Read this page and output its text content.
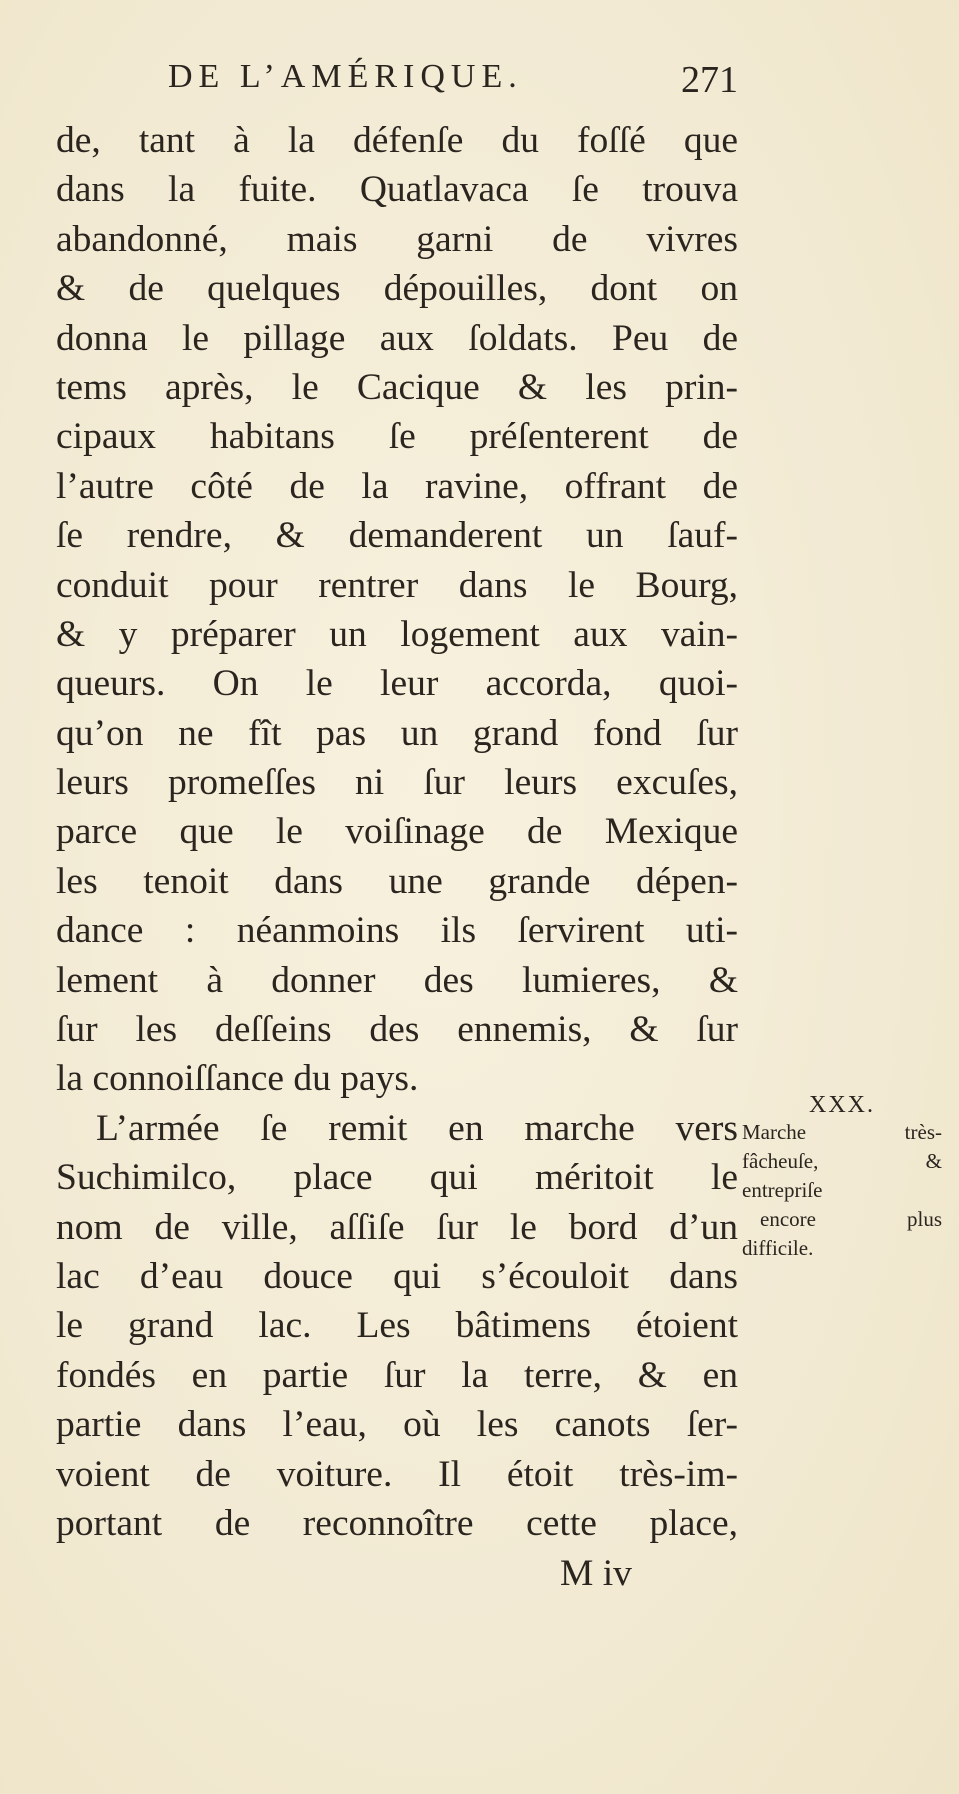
DE L’AMÉRIQUE.	271
de, tant à la défenſe du foſſé que
dans la fuite. Quatlavaca ſe trouva
abandonné, mais garni de vivres
& de quelques dépouilles, dont on
donna le pillage aux ſoldats. Peu de
tems après, le Cacique & les prin-
cipaux habitans ſe préſenterent de
l’autre côté de la ravine, offrant de
ſe rendre, & demanderent un ſauf-
conduit pour rentrer dans le Bourg,
& y préparer un logement aux vain-
queurs. On le leur accorda, quoi-
qu’on ne fît pas un grand fond ſur
leurs promeſſes ni ſur leurs excuſes,
parce que le voiſinage de Mexique
les tenoit dans une grande dépen-
dance : néanmoins ils ſervirent uti-
lement à donner des lumieres, &
ſur les deſſeins des ennemis, & ſur
la connoiſſance du pays.
L’armée ſe remit en marche vers
Suchimilco, place qui méritoit le
nom de ville, aſſiſe ſur le bord d’un
lac d’eau douce qui s’écouloit dans
le grand lac. Les bâtimens étoient
fondés en partie ſur la terre, & en
partie dans l’eau, où les canots ſer-
voient de voiture. Il étoit très-im-
portant de reconnoître cette place,
XXX.
Marche très-
fâcheuſe, &
entrepriſe
encore plus
difficile.
M iv
